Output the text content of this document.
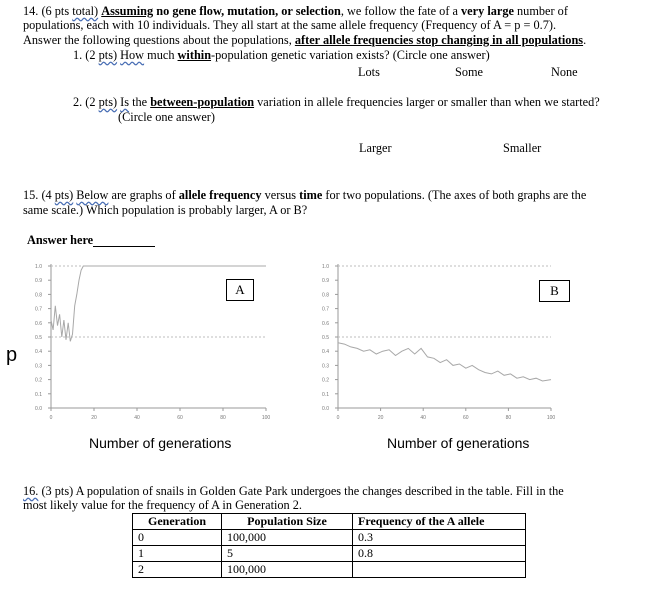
14. (6 pts total) Assuming no gene flow, mutation, or selection, we follow the fate of a very large number of
populations, each with 10 individuals. They all start at the same allele frequency (Frequency of A = p = 0.7).
Answer the following questions about the populations, after allele frequencies stop changing in all populations.
1. (2 pts) How much within-population genetic variation exists? (Circle one answer)
Lots	Some	None
2. (2 pts) Is the between-population variation in allele frequencies larger or smaller than when we started?
(Circle one answer)
Larger	Smaller
15. (4 pts) Below are graphs of allele frequency versus time for two populations. (The axes of both graphs are the
same scale.) Which population is probably larger, A or B?
Answer here
p
1.0
0.9
0.8
0.7
0.6
0.5
0.4
0.3
0.2
0.1
0.0
0	20	40	60	80	100
1.0
0.9
0.8
0.7
0.6
0.5
0.4
0.3
0.2
0.1
0.0
0	20	40	60	80	100
A	B
Number of generations	Number of generations
16. (3 pts) A population of snails in Golden Gate Park undergoes the changes described in the table. Fill in the
most likely value for the frequency of A in Generation 2.
Generation	Population Size	Frequency of the A allele
0	100,000	0.3
1	5	0.8
2	100,000	
